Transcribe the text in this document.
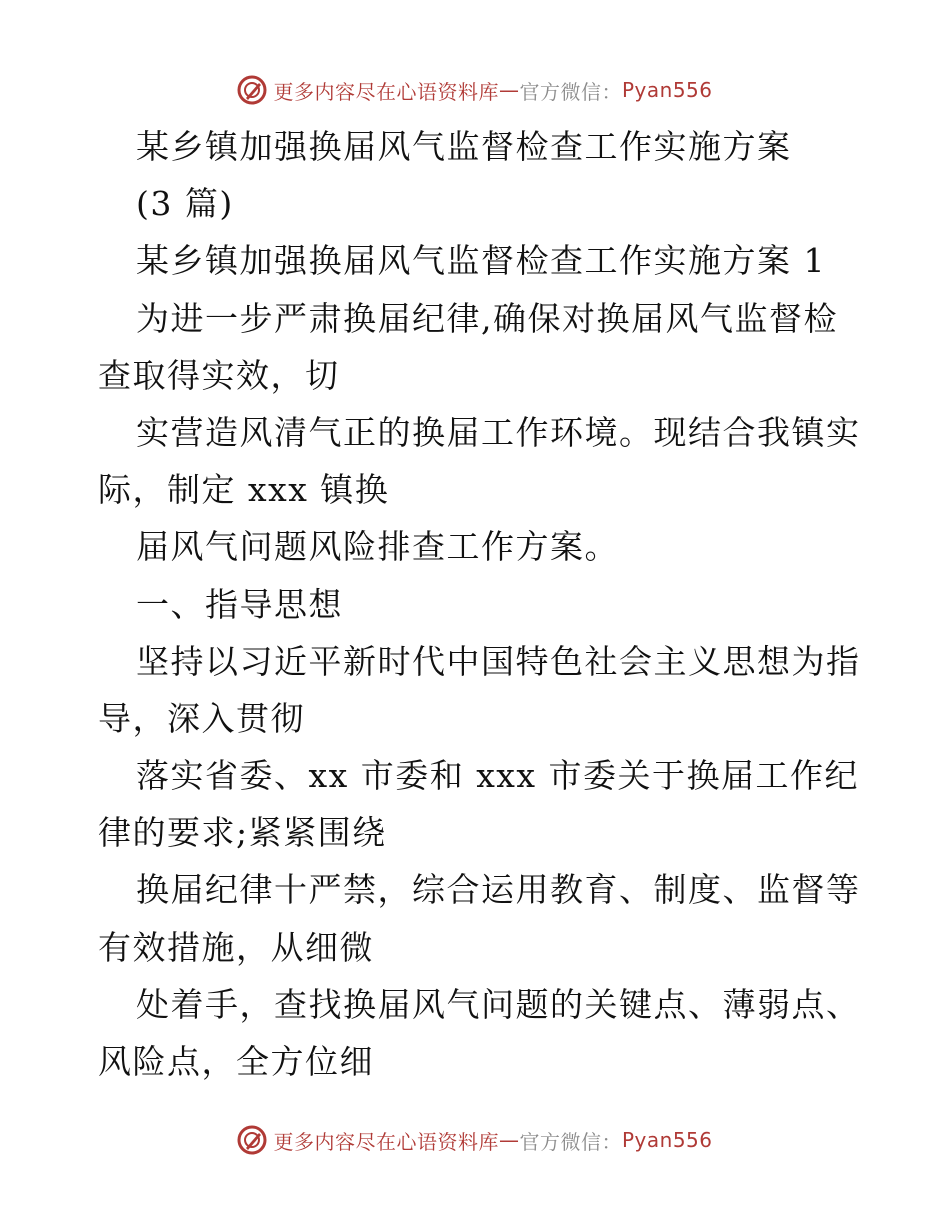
更多内容尽在心语资料库 — 官方微信： Pyan556
某乡镇加强换届风气监督检查工作实施方案
(3 篇)
某乡镇加强换届风气监督检查工作实施方案 1
为进一步严肃换届纪律,确保对换届风气监督检
查取得实效，切
实营造风清气正的换届工作环境。现结合我镇实
际，制定 xxx 镇换
届风气问题风险排查工作方案。
一、指导思想
坚持以习近平新时代中国特色社会主义思想为指
导，深入贯彻
落实省委、xx 市委和 xxx 市委关于换届工作纪
律的要求;紧紧围绕
换届纪律十严禁，综合运用教育、制度、监督等
有效措施，从细微
处着手，查找换届风气问题的关键点、薄弱点、
风险点，全方位细
更多内容尽在心语资料库 — 官方微信： Pyan556
